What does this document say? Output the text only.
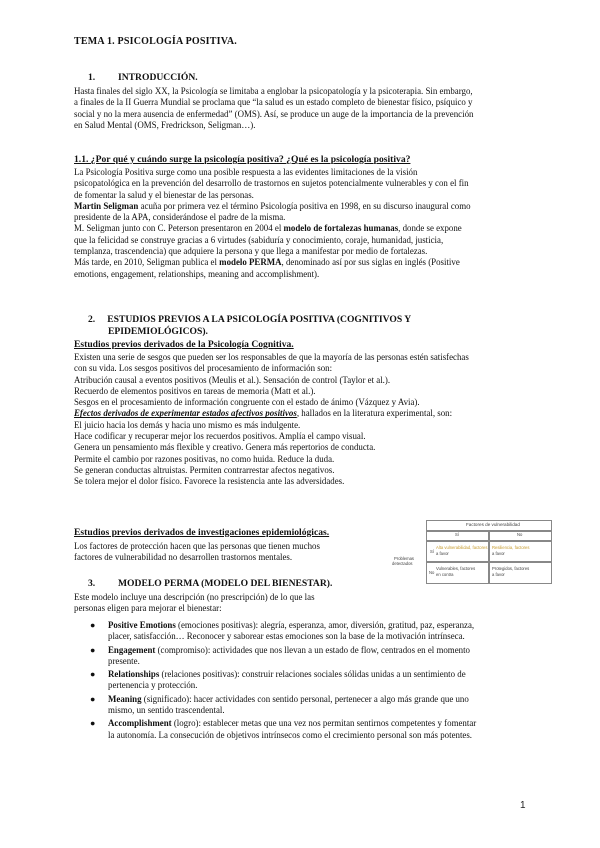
TEMA 1. PSICOLOGÍA POSITIVA.
1. INTRODUCCIÓN.

Hasta finales del siglo XX, la Psicología se limitaba a englobar la psicopatología y la psicoterapia. Sin embargo,

a finales de la II Guerra Mundial se proclama que “la salud es un estado completo de bienestar físico, psíquico y

social y no la mera ausencia de enfermedad” (OMS). Así, se produce un auge de la importancia de la prevención

en Salud Mental (OMS, Fredrickson, Seligman…).

1.1. ¿Por qué y cuándo surge la psicología positiva? ¿Qué es la psicología positiva?

La Psicología Positiva surge como una posible respuesta a las evidentes limitaciones de la visión

psicopatológica en la prevención del desarrollo de trastornos en sujetos potencialmente vulnerables y con el fin

de fomentar la salud y el bienestar de las personas.

Martin Seligman acuña por primera vez el término Psicología positiva en 1998, en su discurso inaugural como

presidente de la APA, considerándose el padre de la misma.

M. Seligman junto con C. Peterson presentaron en 2004 el modelo de fortalezas humanas, donde se expone

que la felicidad se construye gracias a 6 virtudes (sabiduría y conocimiento, coraje, humanidad, justicia,

templanza, trascendencia) que adquiere la persona y que llega a manifestar por medio de fortalezas.

Más tarde, en 2010, Seligman publica el modelo PERMA, denominado así por sus siglas en inglés (Positive

emotions, engagement, relationships, meaning and accomplishment).

2. ESTUDIOS PREVIOS A LA PSICOLOGÍA POSITIVA (COGNITIVOS Y
EPIDEMIOLÓGICOS).
Estudios previos derivados de la Psicología Cognitiva.

Existen una serie de sesgos que pueden ser los responsables de que la mayoría de las personas estén satisfechas

con su vida. Los sesgos positivos del procesamiento de información son:

Atribución causal a eventos positivos (Meulis et al.). Sensación de control (Taylor et al.).

Recuerdo de elementos positivos en tareas de memoria (Matt et al.).

Sesgos en el procesamiento de información congruente con el estado de ánimo (Vázquez y Avia).

Efectos derivados de experimentar estados afectivos positivos, hallados en la literatura experimental, son:

El juicio hacia los demás y hacia uno mismo es más indulgente.

Hace codificar y recuperar mejor los recuerdos positivos. Amplía el campo visual.

Genera un pensamiento más flexible y creativo. Genera más repertorios de conducta.

Permite el cambio por razones positivas, no como huida. Reduce la duda.

Se generan conductas altruistas. Permiten contrarrestar afectos negativos.

Se tolera mejor el dolor físico. Favorece la resistencia ante las adversidades.

Estudios previos derivados de investigaciones epidemiológicas.

Los factores de protección hacen que las personas que tienen muchos

factores de vulnerabilidad no desarrollen trastornos mentales.

Factores de vulnerabilidad
Sí	No
Problemas
detectados
Sí
No
Alta vulnerabilidad, factores
a favor
Resiliencia, factores
a favor
Vulnerables, factores
en contra
Protegidos, factores
a favor
3. MODELO PERMA (MODELO DEL BIENESTAR).

Este modelo incluye una descripción (no prescripción) de lo que las

personas eligen para mejorar el bienestar:

● Positive Emotions (emociones positivas): alegría, esperanza, amor, diversión, gratitud, paz, esperanza,
placer, satisfacción… Reconocer y saborear estas emociones son la base de la motivación intrínseca.
● Engagement (compromiso): actividades que nos llevan a un estado de flow, centrados en el momento
presente.
● Relationships (relaciones positivas): construir relaciones sociales sólidas unidas a un sentimiento de
pertenencia y protección.
● Meaning (significado): hacer actividades con sentido personal, pertenecer a algo más grande que uno
mismo, un sentido trascendental.
● Accomplishment (logro): establecer metas que una vez nos permitan sentirnos competentes y fomentar
la autonomía. La consecución de objetivos intrínsecos como el crecimiento personal son más potentes.
1
